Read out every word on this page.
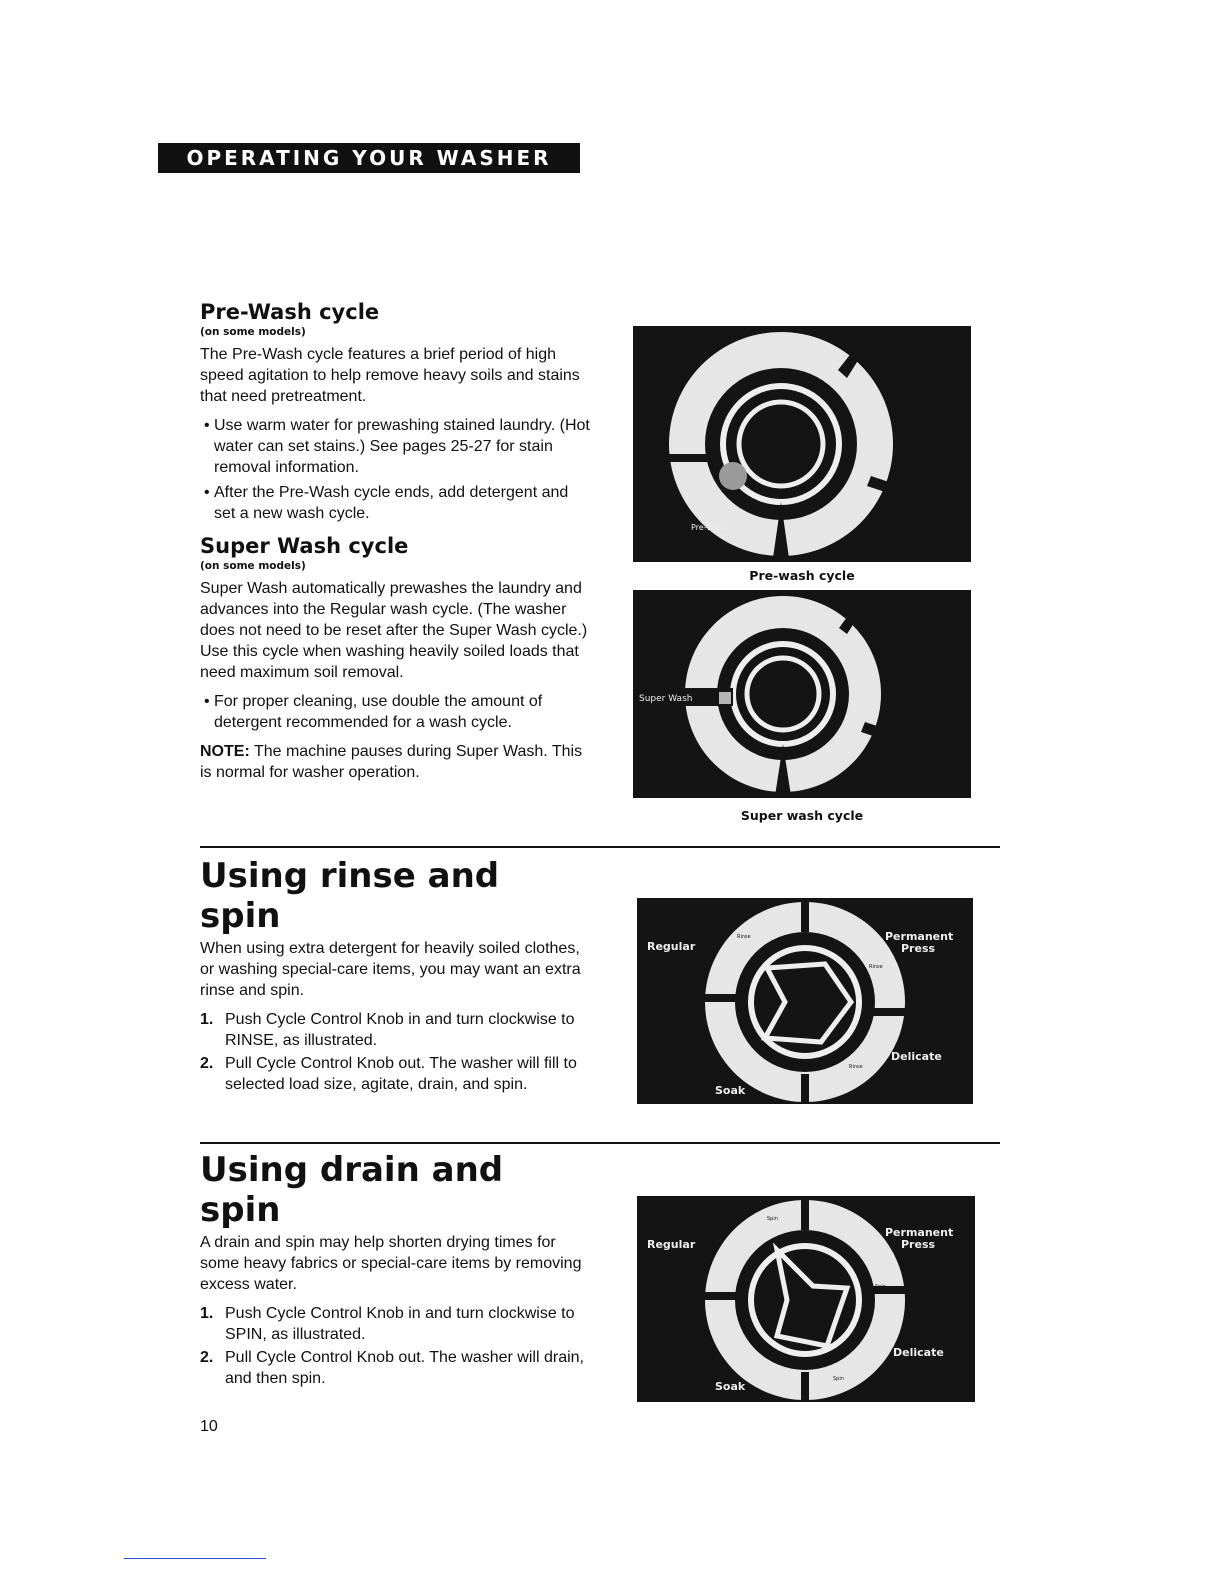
OPERATING YOUR WASHER
Pre-Wash cycle
(on some models)

The Pre-Wash cycle features a brief period of high speed agitation to help remove heavy soils and stains that need pretreatment.

• Use warm water for prewashing stained laundry. (Hot water can set stains.) See pages 25-27 for stain removal information.
• After the Pre-Wash cycle ends, add detergent and set a new wash cycle.
Super Wash cycle
(on some models)

Super Wash automatically prewashes the laundry and advances into the Regular wash cycle. (The washer does not need to be reset after the Super Wash cycle.) Use this cycle when washing heavily soiled loads that need maximum soil removal.

• For proper cleaning, use double the amount of detergent recommended for a wash cycle.

NOTE: The machine pauses during Super Wash. This is normal for washer operation.

Pre-Wash
Pre-wash cycle
Super Wash
Super wash cycle
Using rinse and spin

When using extra detergent for heavily soiled clothes, or washing special-care items, you may want an extra rinse and spin.

1. Push Cycle Control Knob in and turn clockwise to RINSE, as illustrated.
2. Pull Cycle Control Knob out. The washer will fill to selected load size, agitate, drain, and spin.
Regular
Permanent
Press
Delicate
Soak
Rinse
Rinse
Rinse
Using drain and spin

A drain and spin may help shorten drying times for some heavy fabrics or special-care items by removing excess water.

1. Push Cycle Control Knob in and turn clockwise to SPIN, as illustrated.
2. Pull Cycle Control Knob out. The washer will drain, and then spin.
Regular
Permanent
Press
Delicate
Soak
Spin
Spin
Spin
10
